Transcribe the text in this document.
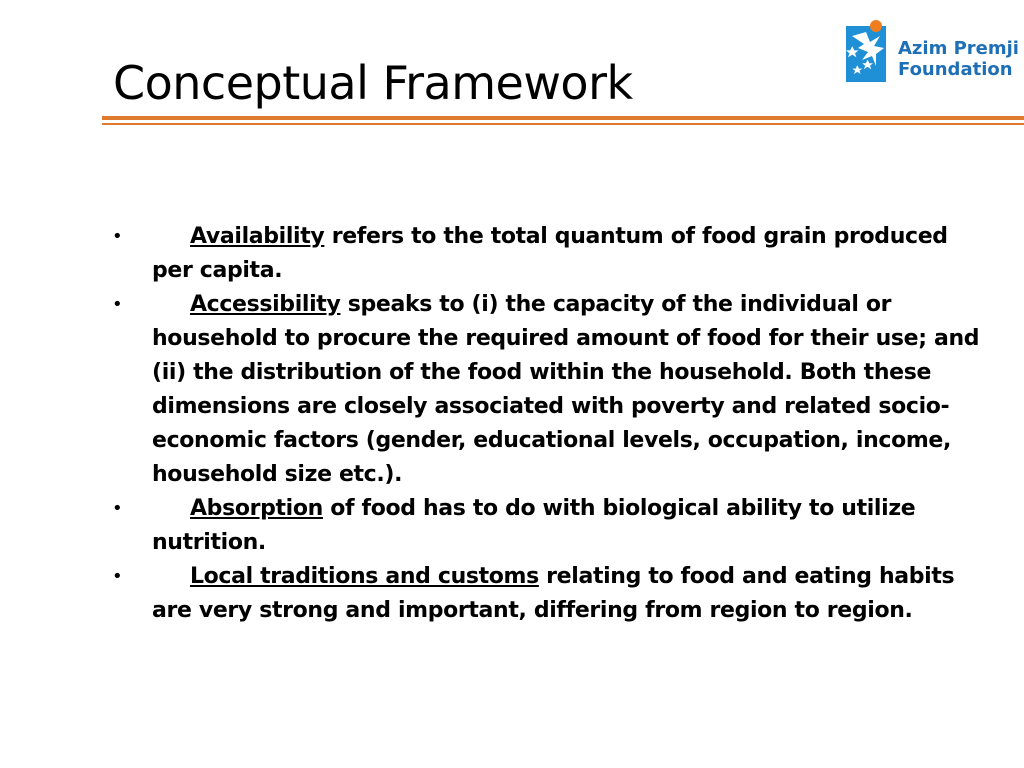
Conceptual Framework
Azim Premji
Foundation
•	Availability refers to the total quantum of food grain produced per capita.
•	Accessibility speaks to (i) the capacity of the individual or household to procure the required amount of food for their use; and (ii) the distribution of the food within the household. Both these dimensions are closely associated with poverty and related socio-economic factors (gender, educational levels, occupation, income, household size etc.).
•	Absorption of food has to do with biological ability to utilize nutrition.
•	Local traditions and customs relating to food and eating habits are very strong and important, differing from region to region.
